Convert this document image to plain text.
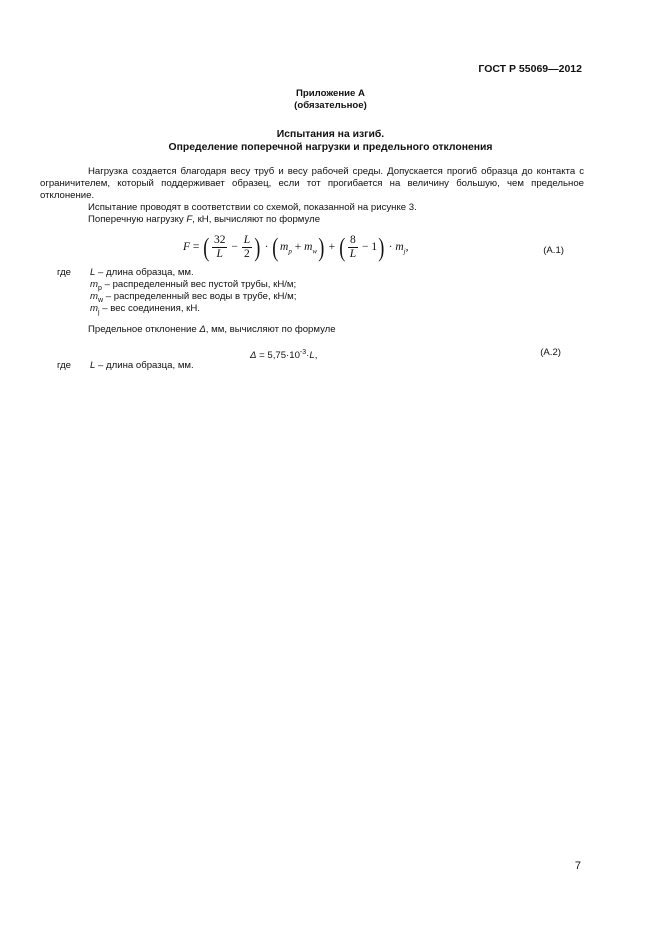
ГОСТ Р 55069—2012
Приложение А
(обязательное)
Испытания на изгиб.
Определение поперечной нагрузки и предельного отклонения

Нагрузка создается благодаря весу труб и весу рабочей среды. Допускается прогиб образца до контакта с ограничителем, который поддерживает образец, если тот прогибается на величину большую, чем предельное отклонение.

Испытание проводят в соответствии со схемой, показанной на рисунке 3.

Поперечную нагрузку F, кН, вычисляют по формуле

F = ( $\frac{32}{L} - \frac{L}{2}$ ) · $(m_p + m_w)$ + ( $\frac{8}{L} - 1) \cdot m_j$,	(A.1)
где L – длина образца, мм.
$m_p$ – распределенный вес пустой трубы, кН/м;
$m_w$ – распределенный вес воды в трубе, кН/м;
$m_j$ – вес соединения, кН.
Предельное отклонение Δ, мм, вычисляют по формуле
$\Delta = 5,75\cdot 10^{-3}\cdot L$,	(A.2)
где L – длина образца, мм.
7
